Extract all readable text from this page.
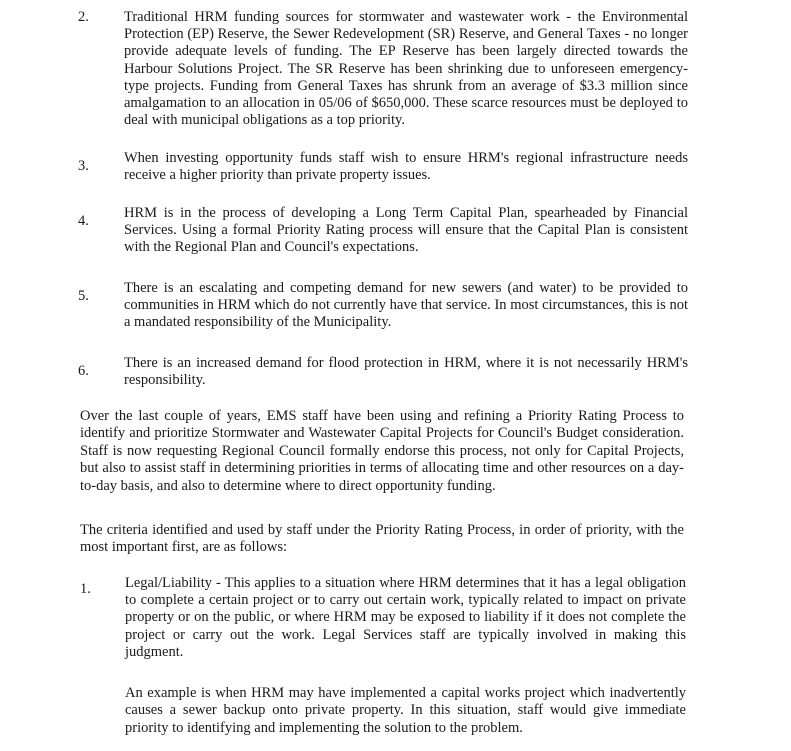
2. Traditional HRM funding sources for stormwater and wastewater work - the Environmental Protection (EP) Reserve, the Sewer Redevelopment (SR) Reserve, and General Taxes - no longer provide adequate levels of funding. The EP Reserve has been largely directed towards the Harbour Solutions Project. The SR Reserve has been shrinking due to unforeseen emergency-type projects. Funding from General Taxes has shrunk from an average of $3.3 million since amalgamation to an allocation in 05/06 of $650,000. These scarce resources must be deployed to deal with municipal obligations as a top priority.
3. When investing opportunity funds staff wish to ensure HRM's regional infrastructure needs receive a higher priority than private property issues.
4. HRM is in the process of developing a Long Term Capital Plan, spearheaded by Financial Services. Using a formal Priority Rating process will ensure that the Capital Plan is consistent with the Regional Plan and Council's expectations.
5. There is an escalating and competing demand for new sewers (and water) to be provided to communities in HRM which do not currently have that service. In most circumstances, this is not a mandated responsibility of the Municipality.
6. There is an increased demand for flood protection in HRM, where it is not necessarily HRM's responsibility.

Over the last couple of years, EMS staff have been using and refining a Priority Rating Process to identify and prioritize Stormwater and Wastewater Capital Projects for Council's Budget consideration. Staff is now requesting Regional Council formally endorse this process, not only for Capital Projects, but also to assist staff in determining priorities in terms of allocating time and other resources on a day-to-day basis, and also to determine where to direct opportunity funding.

The criteria identified and used by staff under the Priority Rating Process, in order of priority, with the most important first, are as follows:

1. Legal/Liability - This applies to a situation where HRM determines that it has a legal obligation to complete a certain project or to carry out certain work, typically related to impact on private property or on the public, or where HRM may be exposed to liability if it does not complete the project or carry out the work. Legal Services staff are typically involved in making this judgment.

An example is when HRM may have implemented a capital works project which inadvertently causes a sewer backup onto private property. In this situation, staff would give immediate priority to identifying and implementing the solution to the problem.
